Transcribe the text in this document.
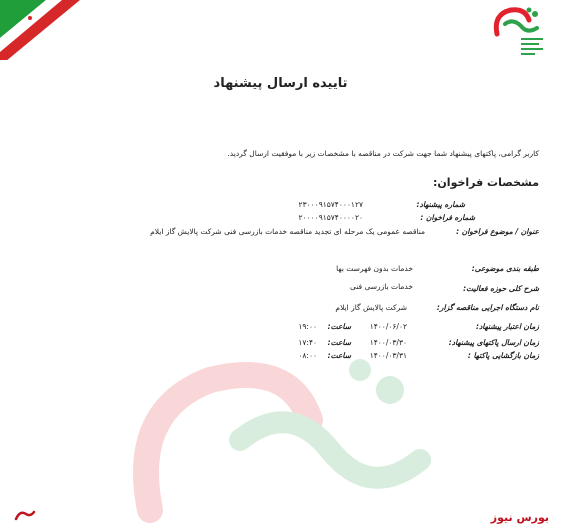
تاییده ارسال پیشنهاد
کاربر گرامی، پاکتهای پیشنهاد شما جهت شرکت در مناقصه با مشخصات زیر با موفقیت ارسال گردید.
مشخصات فراخوان:
شماره پیشنهاد:
۲۳۰۰۰۹۱۵۷۴۰۰۰۱۲۷
شماره فراخوان :
۲۰۰۰۰۹۱۵۷۴۰۰۰۰۲۰
عنوان / موضوع فراخوان :
مناقصه عمومی یک مرحله ای تجدید مناقصه خدمات بازرسی فنی شرکت پالایش گاز ایلام
طبقه بندی موضوعی:
خدمات بدون فهرست بها
شرح کلی حوزه فعالیت:
خدمات بازرسی فنی
نام دستگاه اجرایی مناقصه گزار:
شرکت پالایش گاز ایلام
زمان اعتبار پیشنهاد:
۱۴۰۰/۰۶/۰۲
ساعت:
۱۹:۰۰
زمان ارسال پاکتهای پیشنهاد:
۱۴۰۰/۰۳/۳۰
ساعت:
۱۷:۴۰
زمان بازگشایی پاکتها :
۱۴۰۰/۰۳/۳۱
ساعت:
۰۸:۰۰
بورس نیوز
